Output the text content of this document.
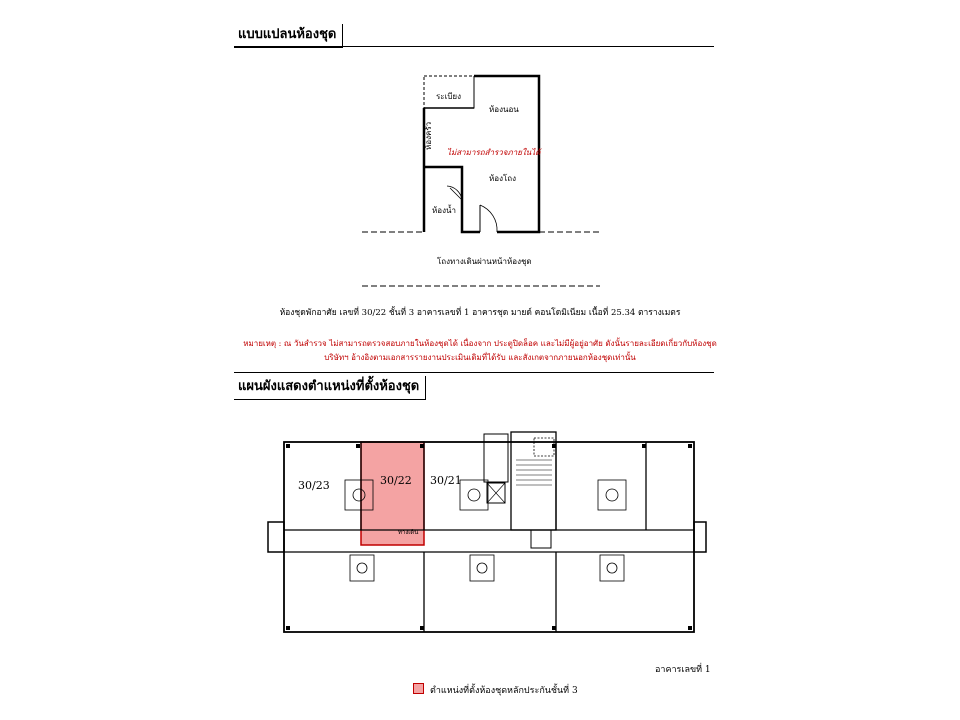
แบบแปลนห้องชุด
ระเบียง
ห้องนอน
ห้องครัว
ไม่สามารถสำรวจภายในได้
ห้องโถง
ห้องน้ำ
โถงทางเดินผ่านหน้าห้องชุด
ห้องชุดพักอาศัย เลขที่ 30/22 ชั้นที่ 3 อาคารเลขที่ 1 อาคารชุด มายด์ คอนโดมิเนียม เนื้อที่ 25.34 ตารางเมตร
หมายเหตุ : ณ วันสำรวจ ไม่สามารถตรวจสอบภายในห้องชุดได้ เนื่องจาก ประตูปิดล็อค และไม่มีผู้อยู่อาศัย ดังนั้นรายละเอียดเกี่ยวกับห้องชุด
บริษัทฯ อ้างอิงตามเอกสารรายงานประเมินเดิมที่ได้รับ และสังเกตจากภายนอกห้องชุดเท่านั้น
แผนผังแสดงตำแหน่งที่ตั้งห้องชุด
30/23	30/22 30/21
ทางเดิน
อาคารเลขที่ 1
ตำแหน่งที่ตั้งห้องชุดหลักประกันชั้นที่ 3
